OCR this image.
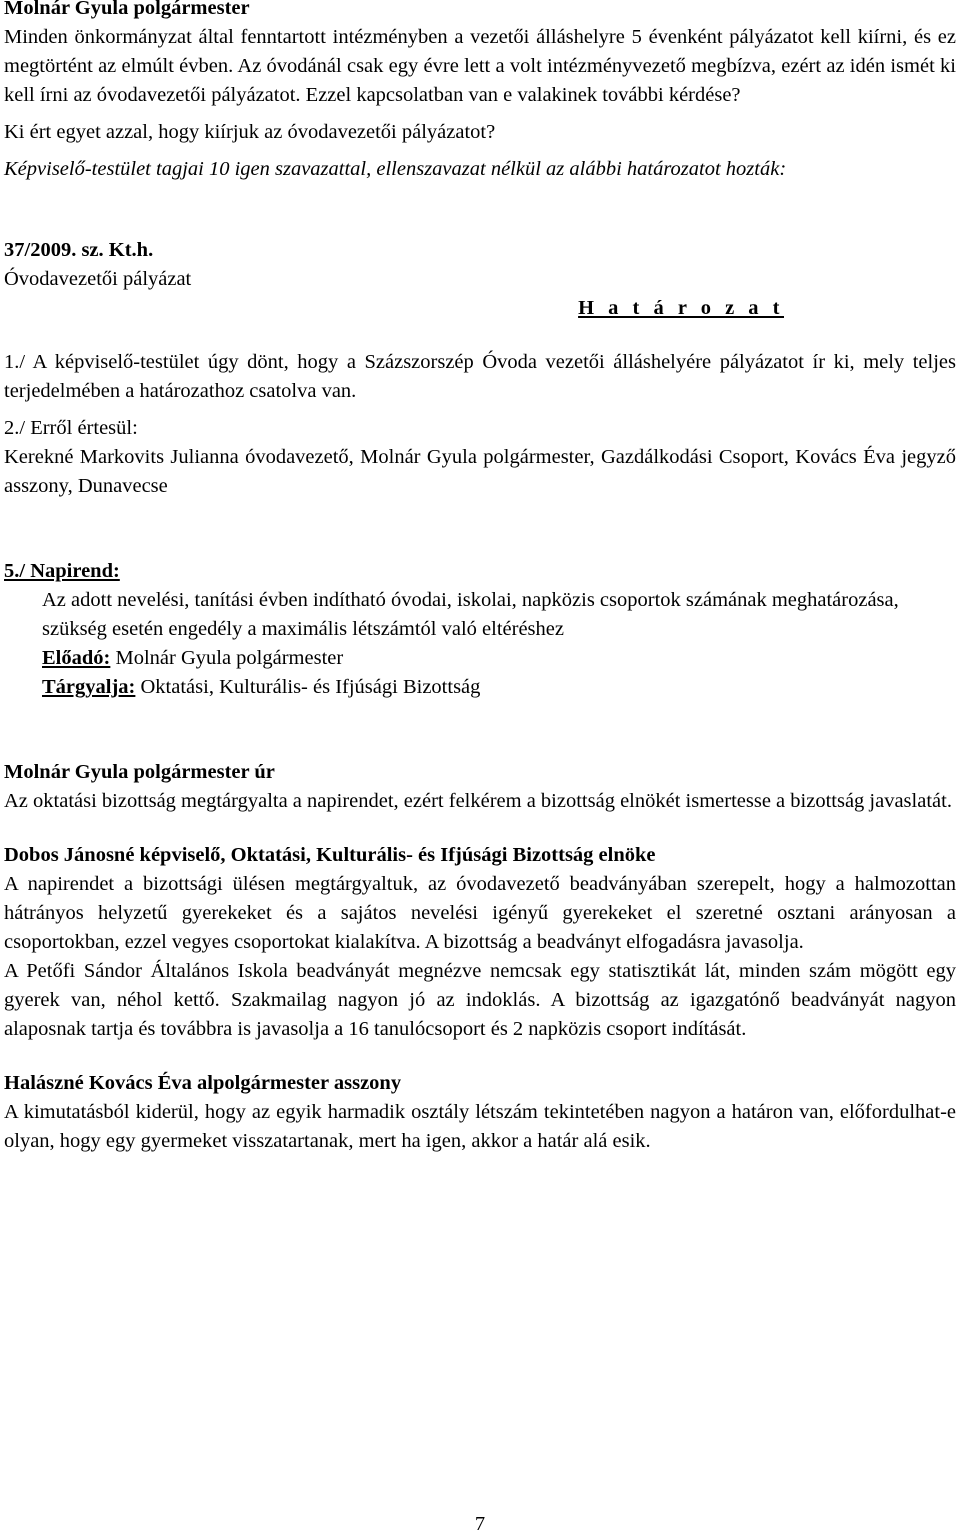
Molnár Gyula polgármester

Minden önkormányzat által fenntartott intézményben a vezetői álláshelyre 5 évenként pályázatot kell kiírni, és ez megtörtént az elmúlt évben. Az óvodánál csak egy évre lett a volt intézményvezető megbízva, ezért az idén ismét ki kell írni az óvodavezetői pályázatot. Ezzel kapcsolatban van e valakinek további kérdése?

Ki ért egyet azzal, hogy kiírjuk az óvodavezetői pályázatot?

Képviselő-testület tagjai 10 igen szavazattal, ellenszavazat nélkül az alábbi határozatot hozták:

37/2009. sz. Kt.h.

Óvodavezetői pályázat

H a t á r o z a t

1./ A képviselő-testület úgy dönt, hogy a Százszorszép Óvoda vezetői álláshelyére pályázatot ír ki, mely teljes terjedelmében a határozathoz csatolva van.

2./ Erről értesül:

Kerekné Markovits Julianna óvodavezető, Molnár Gyula polgármester, Gazdálkodási Csoport, Kovács Éva jegyző asszony, Dunavecse

5./ Napirend:

Az adott nevelési, tanítási évben indítható óvodai, iskolai, napközis csoportok számának meghatározása, szükség esetén engedély a maximális létszámtól való eltéréshez

Előadó: Molnár Gyula polgármester

Tárgyalja: Oktatási, Kulturális- és Ifjúsági Bizottság

Molnár Gyula polgármester úr

Az oktatási bizottság megtárgyalta a napirendet, ezért felkérem a bizottság elnökét ismertesse a bizottság javaslatát.

Dobos Jánosné képviselő, Oktatási, Kulturális- és Ifjúsági Bizottság elnöke

A napirendet a bizottsági ülésen megtárgyaltuk, az óvodavezető beadványában szerepelt, hogy a halmozottan hátrányos helyzetű gyerekeket és a sajátos nevelési igényű gyerekeket el szeretné osztani arányosan a csoportokban, ezzel vegyes csoportokat kialakítva. A bizottság a beadványt elfogadásra javasolja.

A Petőfi Sándor Általános Iskola beadványát megnézve nemcsak egy statisztikát lát, minden szám mögött egy gyerek van, néhol kettő. Szakmailag nagyon jó az indoklás. A bizottság az igazgatónő beadványát nagyon alaposnak tartja és továbbra is javasolja a 16 tanulócsoport és 2 napközis csoport indítását.

Halászné Kovács Éva alpolgármester asszony

A kimutatásból kiderül, hogy az egyik harmadik osztály létszám tekintetében nagyon a határon van, előfordulhat-e olyan, hogy egy gyermeket visszatartanak, mert ha igen, akkor a határ alá esik.

7
